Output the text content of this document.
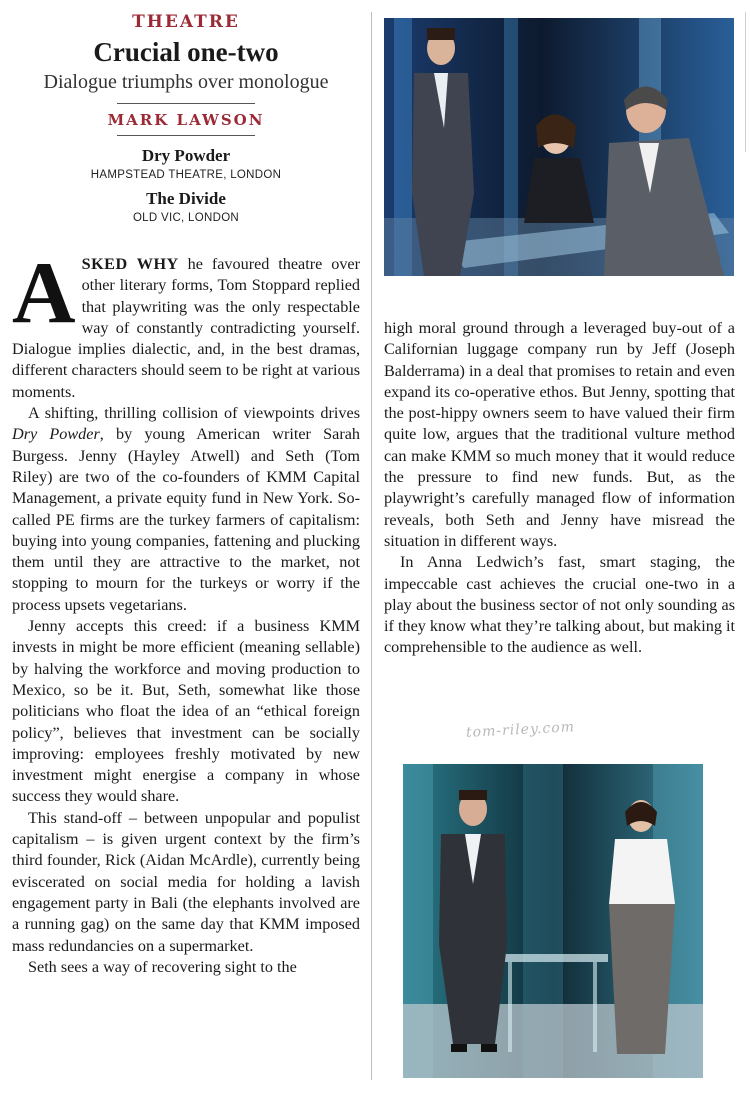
THEATRE
Crucial one-two
Dialogue triumphs over monologue
MARK LAWSON
Dry Powder
HAMPSTEAD THEATRE, LONDON
The Divide
OLD VIC, LONDON

ASKED WHY he favoured theatre over other literary forms, Tom Stoppard replied that playwriting was the only respectable way of constantly contradicting yourself. Dialogue implies dialectic, and, in the best dramas, different characters should seem to be right at various moments.

A shifting, thrilling collision of viewpoints drives Dry Powder, by young American writer Sarah Burgess. Jenny (Hayley Atwell) and Seth (Tom Riley) are two of the co-founders of KMM Capital Management, a private equity fund in New York. So-called PE firms are the turkey farmers of capitalism: buying into young companies, fattening and plucking them until they are attractive to the market, not stopping to mourn for the turkeys or worry if the process upsets vegetarians.

Jenny accepts this creed: if a business KMM invests in might be more efficient (meaning sellable) by halving the workforce and moving production to Mexico, so be it. But, Seth, somewhat like those politicians who float the idea of an “ethical foreign policy”, believes that investment can be socially improving: employees freshly motivated by new investment might energise a company in whose success they would share.

This stand-off – between unpopular and populist capitalism – is given urgent context by the firm’s third founder, Rick (Aidan McArdle), currently being eviscerated on social media for holding a lavish engagement party in Bali (the elephants involved are a running gag) on the same day that KMM imposed mass redundancies on a supermarket.

Seth sees a way of recovering sight to the

high moral ground through a leveraged buy-out of a Californian luggage company run by Jeff (Joseph Balderrama) in a deal that promises to retain and even expand its co-operative ethos. But Jenny, spotting that the post-hippy owners seem to have valued their firm quite low, argues that the traditional vulture method can make KMM so much money that it would reduce the pressure to find new funds. But, as the playwright’s carefully managed flow of information reveals, both Seth and Jenny have misread the situation in different ways.

In Anna Ledwich’s fast, smart staging, the impeccable cast achieves the crucial one-two in a play about the business sector of not only sounding as if they know what they’re talking about, but making it comprehensible to the audience as well.

tom-riley.com
